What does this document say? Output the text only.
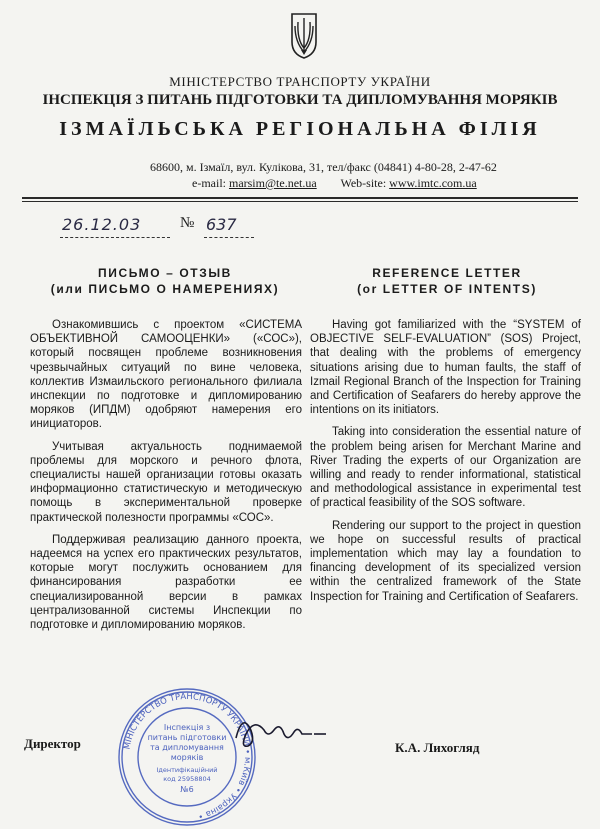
МІНІСТЕРСТВО ТРАНСПОРТУ УКРАЇНИ
ІНСПЕКЦІЯ З ПИТАНЬ ПІДГОТОВКИ ТА ДИПЛОМУВАННЯ МОРЯКІВ
ІЗМАЇЛЬСЬКА РЕГІОНАЛЬНА ФІЛІЯ
68600, м. Ізмаїл, вул. Кулікова, 31, тел/факс (04841) 4-80-28, 2-47-62
e-mail: marsim@te.net.ua Web-site: www.imtc.com.ua
26.12.03	№ 637
ПИСЬМО – ОТЗЫВ
(или ПИСЬМО О НАМЕРЕНИЯХ)
REFERENCE LETTER
(or LETTER OF INTENTS)

Ознакомившись с проектом «СИСТЕМА ОБЪЕКТИВНОЙ САМООЦЕНКИ» («СОС»), который посвящен проблеме возникновения чрезвычайных ситуаций по вине человека, коллектив Измаильского регионального филиала инспекции по подготовке и дипломированию моряков (ИПДМ) одобряют намерения его инициаторов.

Учитывая актуальность поднимаемой проблемы для морского и речного флота, специалисты нашей организации готовы оказать информационно статистическую и методическую помощь в экспериментальной проверке практической полезности программы «СОС».

Поддерживая реализацию данного проекта, надеемся на успех его практических результатов, которые могут послужить основанием для финансирования разработки ее специализированной версии в рамках централизованной системы Инспекции по подготовке и дипломированию моряков.

Having got familiarized with the “SYSTEM of OBJECTIVE SELF-EVALUATION” (SOS) Project, that dealing with the problems of emergency situations arising due to human faults, the staff of Izmail Regional Branch of the Inspection for Training and Certification of Seafarers do hereby approve the intentions on its initiators.

Taking into consideration the essential nature of the problem being arisen for Merchant Marine and River Trading the experts of our Organization are willing and ready to render informational, statistical and methodological assistance in experimental test of practical feasibility of the SOS software.

Rendering our support to the project in question we hope on successful results of practical implementation which may lay a foundation to financing development of its specialized version within the centralized framework of the State Inspection for Training and Certification of Seafarers.

Директор	К.А. Лихогляд
МІНІСТЕРСТВО ТРАНСПОРТУ УКРАЇНИ • м.Київ • Україна •
Інспекція з
питань підготовки
та дипломування
моряків
Ідентифікаційний
код 25958804
№6
